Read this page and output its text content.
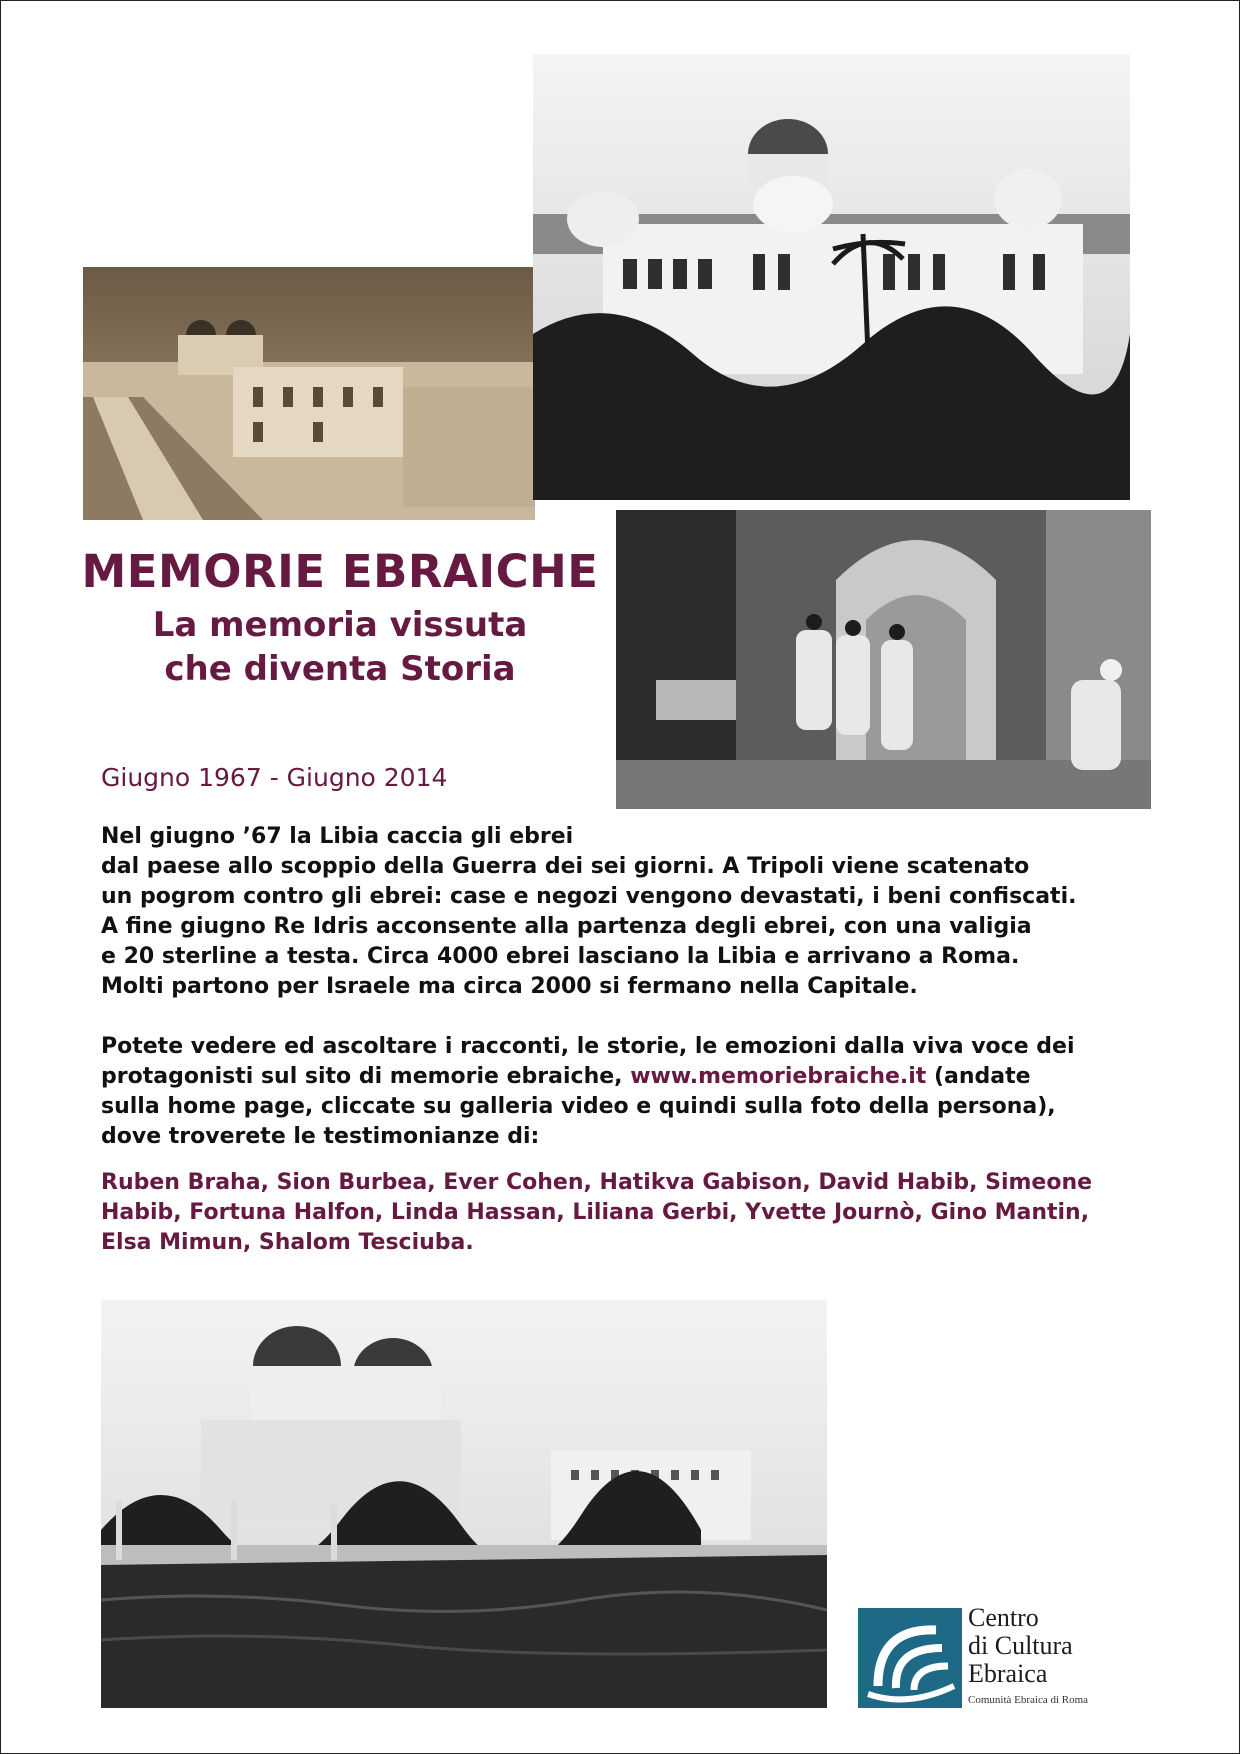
MEMORIE EBRAICHE
La memoria vissuta
che diventa Storia
Giugno 1967 - Giugno 2014

Nel giugno ’67 la Libia caccia gli ebrei

dal paese allo scoppio della Guerra dei sei giorni. A Tripoli viene scatenato

un pogrom contro gli ebrei: case e negozi vengono devastati, i beni confiscati.

A fine giugno Re Idris acconsente alla partenza degli ebrei, con una valigia

e 20 sterline a testa. Circa 4000 ebrei lasciano la Libia e arrivano a Roma.

Molti partono per Israele ma circa 2000 si fermano nella Capitale.

Potete vedere ed ascoltare i racconti, le storie, le emozioni dalla viva voce dei

protagonisti sul sito di memorie ebraiche, www.memoriebraiche.it (andate

sulla home page, cliccate su galleria video e quindi sulla foto della persona),

dove troverete le testimonianze di:

Ruben Braha, Sion Burbea, Ever Cohen, Hatikva Gabison, David Habib, Simeone

Habib, Fortuna Halfon, Linda Hassan, Liliana Gerbi, Yvette Journò, Gino Mantin,

Elsa Mimun, Shalom Tesciuba.

Centro
di Cultura
Ebraica
Comunità Ebraica di Roma
